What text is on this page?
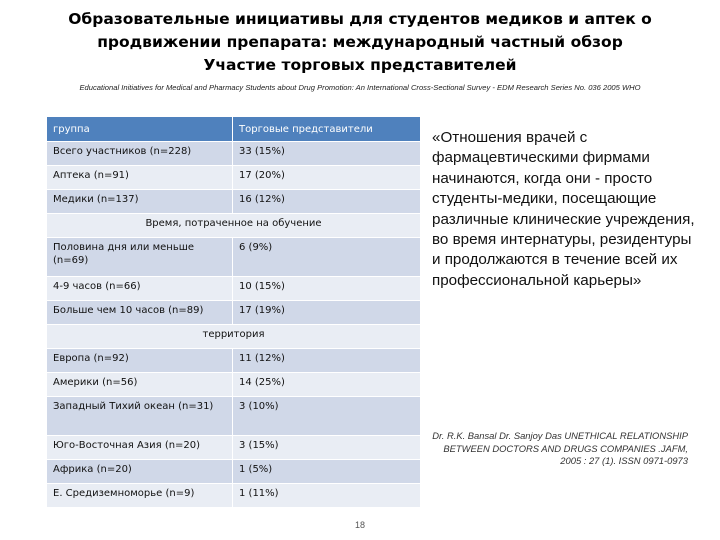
Образовательные инициативы для студентов медиков и аптек о
продвижении препарата: международный частный обзор
Участие торговых представителей
Educational Initiatives for Medical and Pharmacy Students about Drug Promotion: An International Cross-Sectional Survey - EDM Research Series No. 036 2005 WHO
группа	Торговые представители
Всего участников (n=228)	33 (15%)
Аптека (n=91)	17 (20%)
Медики (n=137)	16 (12%)
Время, потраченное на обучение	
Половина дня или меньше (n=69)	6 (9%)
4-9 часов (n=66)	10 (15%)
Больше чем 10 часов (n=89)	17 (19%)
территория	
Европа (n=92)	11 (12%)
Америки (n=56)	14 (25%)
Западный Тихий океан (n=31)	3 (10%)
Юго-Восточная Азия (n=20)	3 (15%)
Африка (n=20)	1 (5%)
Е. Средиземноморье (n=9)	1 (11%)
«Отношения врачей с фармацевтическими фирмами начинаются, когда они - просто студенты-медики, посещающие различные клинические учреждения, во время интернатуры, резидентуры и продолжаются в течение всей их профессиональной карьеры»
Dr. R.K. Bansal Dr. Sanjoy Das UNETHICAL RELATIONSHIP BETWEEN DOCTORS AND DRUGS COMPANIES .JAFM, 2005 : 27 (1). ISSN 0971-0973
18
